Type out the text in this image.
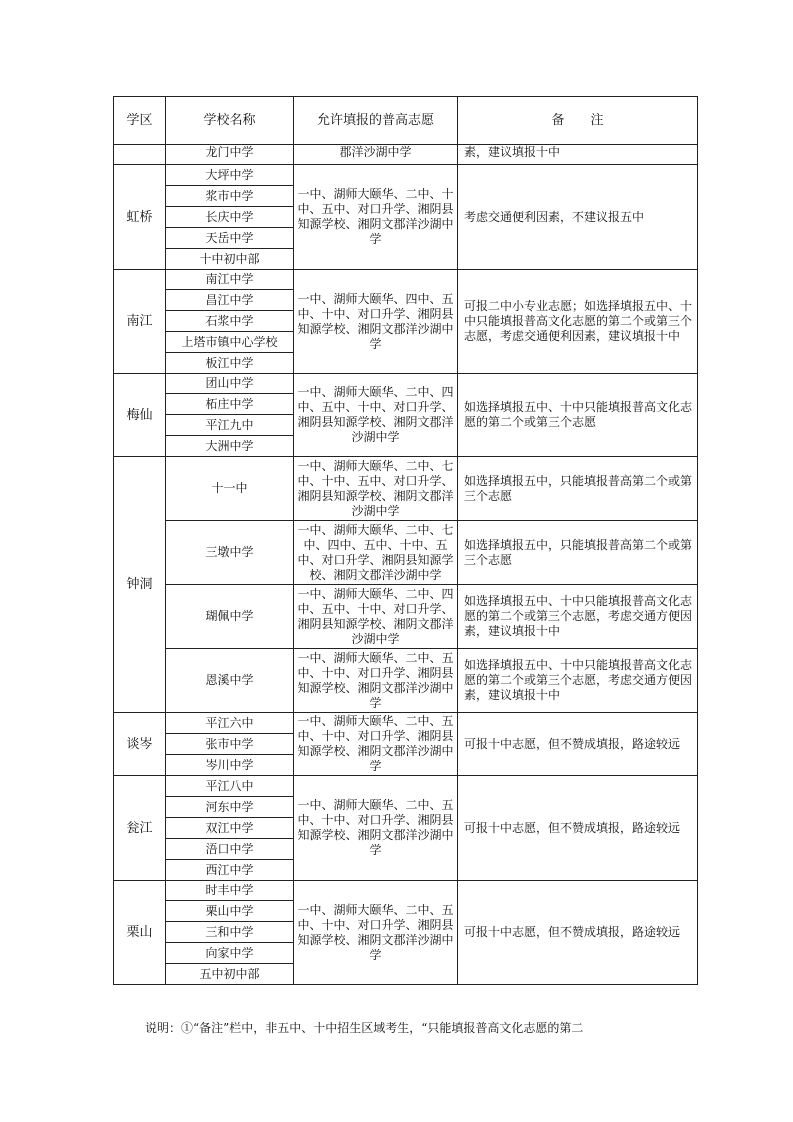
学区	学校名称	允许填报的普高志愿	备　　注
	龙门中学	郡洋沙湖中学	素，建议填报十中
虹桥	大坪中学	一中、湖师大颐华、二中、十中、五中、对口升学、湘阴县知源学校、湘阴文郡洋沙湖中学	考虑交通便利因素，不建议报五中
	浆市中学		
	长庆中学		
	天岳中学		
	十中初中部		
南江	南江中学	一中、湖师大颐华、四中、五中、十中、对口升学、湘阴县知源学校、湘阴文郡洋沙湖中学	可报二中小专业志愿；如选择填报五中、十中只能填报普高文化志愿的第二个或第三个志愿，考虑交通便利因素，建议填报十中
	昌江中学		
	石浆中学		
	上塔市镇中心学校		
	板江中学		
梅仙	团山中学	一中、湖师大颐华、二中、四中、五中、十中、对口升学、湘阴县知源学校、湘阴文郡洋沙湖中学	如选择填报五中、十中只能填报普高文化志愿的第二个或第三个志愿
	柘庄中学		
	平江九中		
	大洲中学		
钟洞	十一中	一中、湖师大颐华、二中、七中、十中、五中、对口升学、湘阴县知源学校、湘阴文郡洋沙湖中学	如选择填报五中，只能填报普高第二个或第三个志愿
	三墩中学	一中、湖师大颐华、二中、七中、四中、五中、十中、五中、对口升学、湘阴县知源学校、湘阴文郡洋沙湖中学	如选择填报五中，只能填报普高第二个或第三个志愿
	瑚佩中学	一中、湖师大颐华、二中、四中、五中、十中、对口升学、湘阴县知源学校、湘阴文郡洋沙湖中学	如选择填报五中、十中只能填报普高文化志愿的第二个或第三个志愿，考虑交通方便因素，建议填报十中
	恩溪中学	一中、湖师大颐华、二中、五中、十中、对口升学、湘阴县知源学校、湘阴文郡洋沙湖中学	如选择填报五中、十中只能填报普高文化志愿的第二个或第三个志愿，考虑交通方便因素，建议填报十中
谈岑	平江六中	一中、湖师大颐华、二中、五中、十中、对口升学、湘阴县知源学校、湘阴文郡洋沙湖中学	可报十中志愿，但不赞成填报，路途较远
	张市中学		
	岑川中学		
瓮江	平江八中	一中、湖师大颐华、二中、五中、十中、对口升学、湘阴县知源学校、湘阴文郡洋沙湖中学	可报十中志愿，但不赞成填报，路途较远
	河东中学		
	双江中学		
	浯口中学		
	西江中学		
栗山	时丰中学	一中、湖师大颐华、二中、五中、十中、对口升学、湘阴县知源学校、湘阴文郡洋沙湖中学	可报十中志愿，但不赞成填报，路途较远
	栗山中学		
	三和中学		
	向家中学		
	五中初中部		
说明：①“备注”栏中，非五中、十中招生区域考生，“只能填报普高文化志愿的第二
